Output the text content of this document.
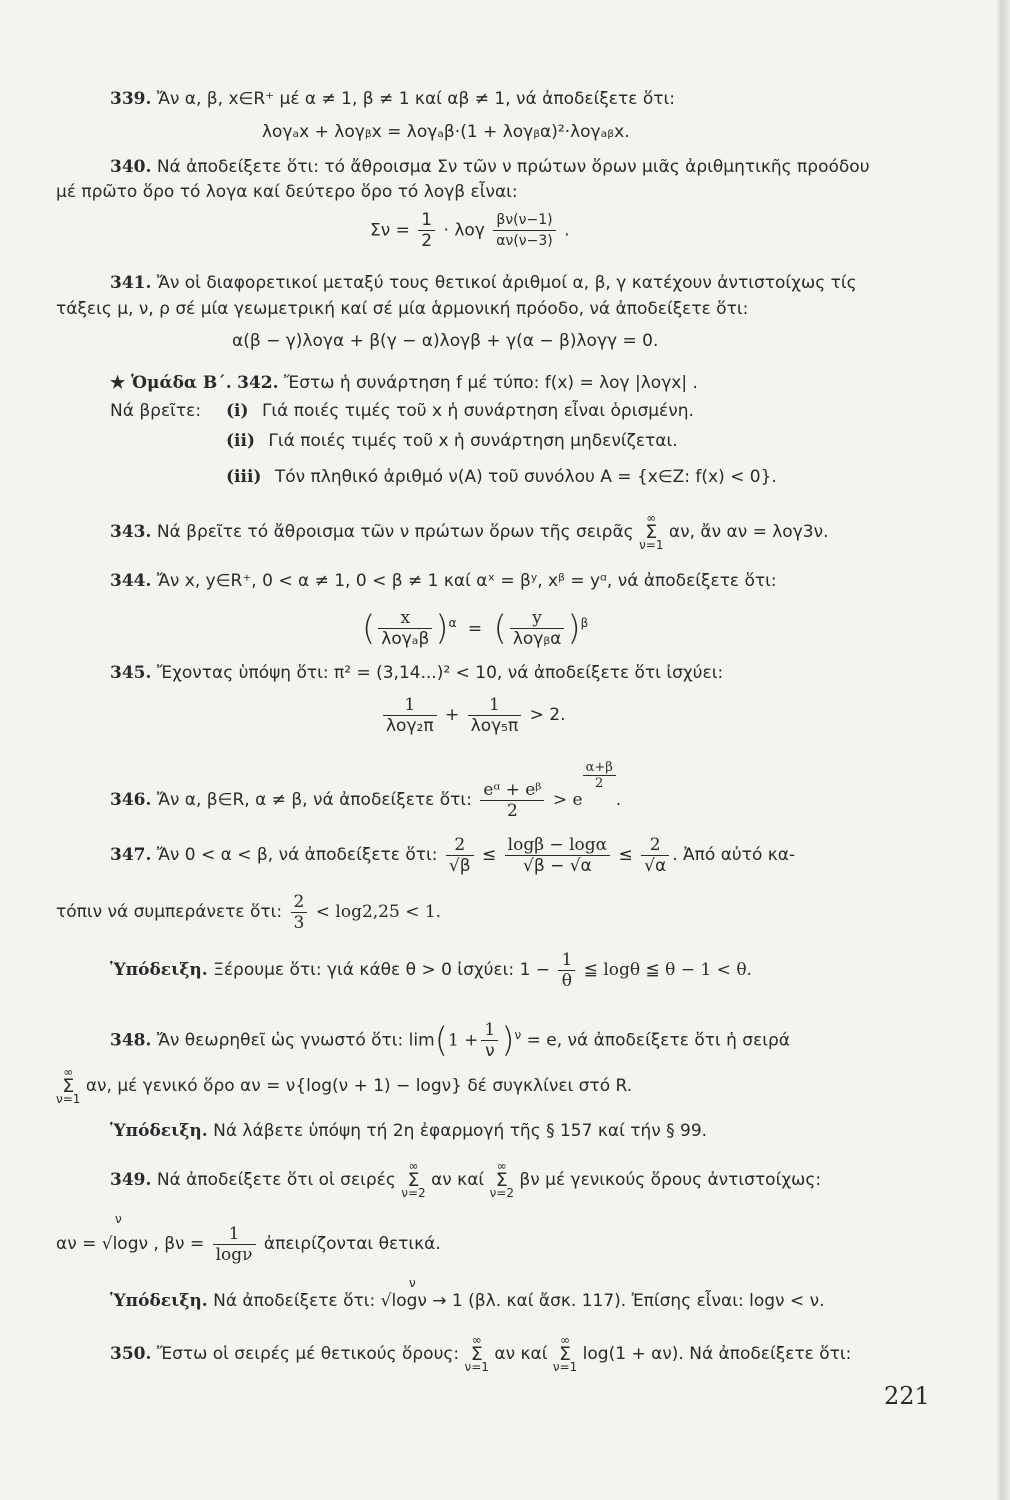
339. Ἄν α, β, x∈R⁺ μέ α ≠ 1, β ≠ 1 καί αβ ≠ 1, νά ἀποδείξετε ὅτι:
λογₐx + λογᵦx = λογₐβ·(1 + λογᵦα)²·λογₐᵦx.
340. Νά ἀποδείξετε ὅτι: τό ἄθροισμα Σν τῶν ν πρώτων ὅρων μιᾶς ἀριθμητικῆς προόδου
μέ πρῶτο ὅρο τό λογα καί δεύτερο ὅρο τό λογβ εἶναι:
$\Sigma\nu = \frac{1}{2} \cdot \lambda o\gamma \frac{\beta\nu(\nu-1)}{\alpha\nu(\nu-3)}$ .
341. Ἄν οἱ διαφορετικοί μεταξύ τους θετικοί ἀριθμοί α, β, γ κατέχουν ἀντιστοίχως τίς
τάξεις μ, ν, ρ σέ μία γεωμετρική καί σέ μία ἁρμονική πρόοδο, νά ἀποδείξετε ὅτι:
α(β − γ)λογα + β(γ − α)λογβ + γ(α − β)λογγ = 0.
★ Ὁμάδα Β΄. 342. Ἔστω ἡ συνάρτηση f μέ τύπο: f(x) = λογ |λογx| .
Νά βρεῖτε: (i) Γιά ποιές τιμές τοῦ x ἡ συνάρτηση εἶναι ὁρισμένη.
(ii) Γιά ποιές τιμές τοῦ x ἡ συνάρτηση μηδενίζεται.
(iii) Τόν πληθικό ἀριθμό ν(Α) τοῦ συνόλου Α = {x∈Z: f(x) < 0}.
343. Νά βρεῖτε τό ἄθροισμα τῶν ν πρώτων ὅρων τῆς σειρᾶς ∞
Σ
ν=1 αν, ἄν αν = λογ3ν.
344. Ἄν x, y∈R⁺, 0 < α ≠ 1, 0 < β ≠ 1 καί αˣ = βʸ, xᵝ = yᵅ, νά ἀποδείξετε ὅτι:
( $\frac{x}{\text{λογₐβ}} )^\alpha$ = ( $\frac{y}{\text{λογᵦα}} )^\beta$
345. Ἔχοντας ὑπόψη ὅτι: π² = (3,14...)² < 10, νά ἀποδείξετε ὅτι ἰσχύει:
$\frac{1}{\text{λογ₂π}} + \frac{1}{\text{λογ₅π}} > 2$.
346. Ἄν α, β∈R, α ≠ β, νά ἀποδείξετε ὅτι: $\frac{\text{eᵅ + eᵝ}}{2} > e$
$\frac{\alpha+\beta}{2}$
.
347. Ἄν 0 < α < β, νά ἀποδείξετε ὅτι: $\frac{2}{√\beta} \le \frac{\log\beta - \log\alpha}{√\beta - √\alpha} \le \frac{2}{√\alpha}$ . Ἀπό αὐτό κα-
τόπιν νά συμπεράνετε ὅτι: $\frac{2}{3} < \log 2,25 < 1$.
Ὑπόδειξη. Ξέρουμε ὅτι: γιά κάθε θ > 0 ἰσχύει: $1 - \frac{1}{\theta}$ ≦ logθ ≦ θ − 1 < θ.
348. Ἄν θεωρηθεῖ ὡς γνωστό ὅτι: $\lim(1 + \frac{1}{\nu} )^\nu = e$, νά ἀποδείξετε ὅτι ἡ σειρά
∞
Σ
ν=1 αν, μέ γενικό ὅρο αν = ν{log(ν + 1) − logν} δέ συγκλίνει στό R.
Ὑπόδειξη. Νά λάβετε ὑπόψη τή 2η ἐφαρμογή τῆς § 157 καί τήν § 99.
349. Νά ἀποδείξετε ὅτι οἱ σειρές ∞
Σ
ν=2 αν καί ∞
Σ
ν=2 βν μέ γενικούς ὅρους ἀντιστοίχως:
ν
αν = √logν , $\beta\nu = \frac{1}{\log\nu}$ ἀπειρίζονται θετικά.
ν
Ὑπόδειξη. Νά ἀποδείξετε ὅτι: √logν → 1 (βλ. καί ἄσκ. 117). Ἐπίσης εἶναι: logν < ν.
350. Ἔστω οἱ σειρές μέ θετικούς ὅρους: ∞
Σ
ν=1 αν καί ∞
Σ
ν=1 log(1 + αν). Νά ἀποδείξετε ὅτι:
221
